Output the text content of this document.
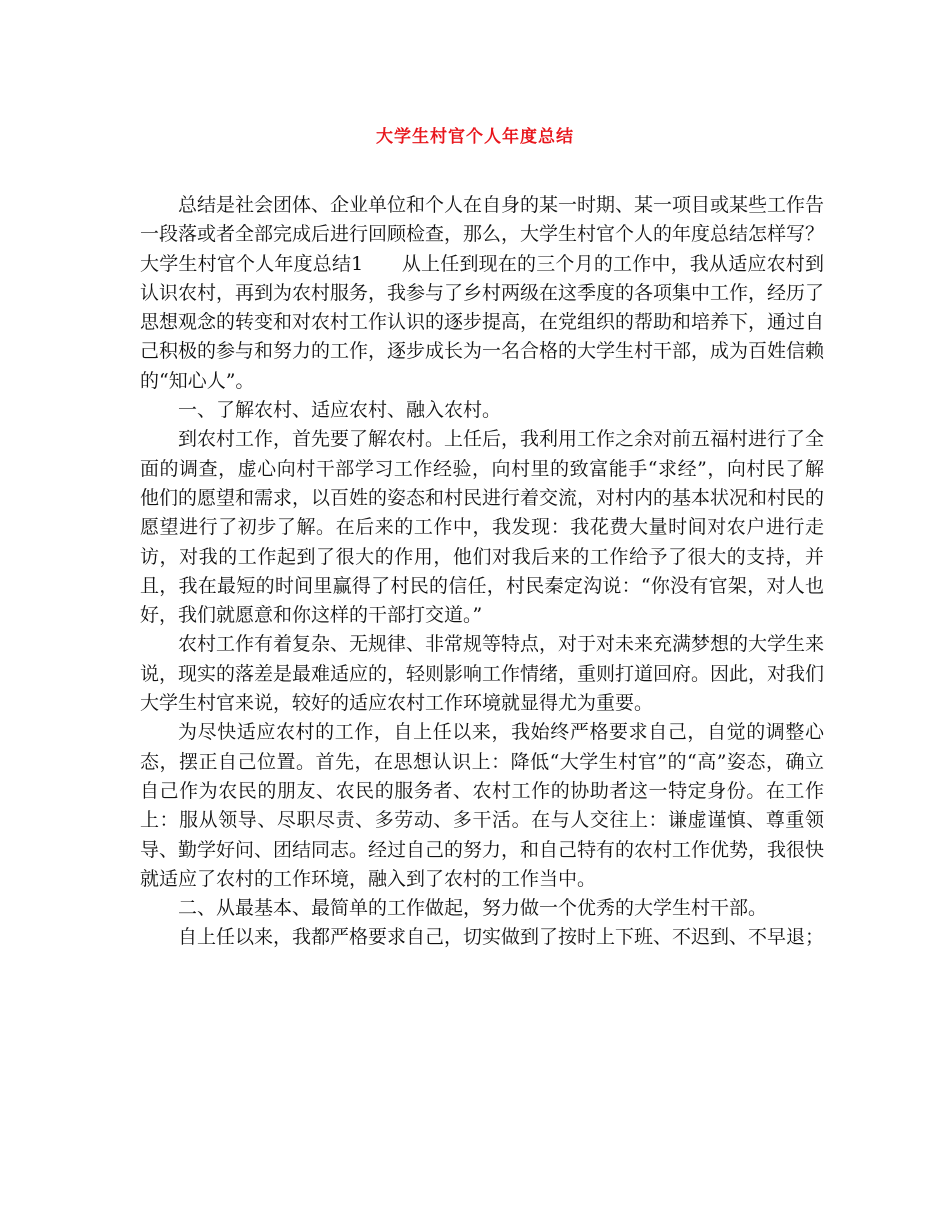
大学生村官个人年度总结

总结是社会团体、企业单位和个人在自身的某一时期、某一项目或某些工作告一段落或者全部完成后进行回顾检查，那么，大学生村官个人的年度总结怎样写？

大学生村官个人年度总结1　　从上任到现在的三个月的工作中，我从适应农村到认识农村，再到为农村服务，我参与了乡村两级在这季度的各项集中工作，经历了思想观念的转变和对农村工作认识的逐步提高，在党组织的帮助和培养下，通过自己积极的参与和努力的工作，逐步成长为一名合格的大学生村干部，成为百姓信赖的“知心人”。

一、了解农村、适应农村、融入农村。

到农村工作，首先要了解农村。上任后，我利用工作之余对前五福村进行了全面的调查，虚心向村干部学习工作经验，向村里的致富能手“求经”，向村民了解他们的愿望和需求，以百姓的姿态和村民进行着交流，对村内的基本状况和村民的愿望进行了初步了解。在后来的工作中，我发现：我花费大量时间对农户进行走访，对我的工作起到了很大的作用，他们对我后来的工作给予了很大的支持，并且，我在最短的时间里赢得了村民的信任，村民秦定沟说：“你没有官架，对人也好，我们就愿意和你这样的干部打交道。”

农村工作有着复杂、无规律、非常规等特点，对于对未来充满梦想的大学生来说，现实的落差是最难适应的，轻则影响工作情绪，重则打道回府。因此，对我们大学生村官来说，较好的适应农村工作环境就显得尤为重要。

为尽快适应农村的工作，自上任以来，我始终严格要求自己，自觉的调整心态，摆正自己位置。首先，在思想认识上：降低“大学生村官”的“高”姿态，确立自己作为农民的朋友、农民的服务者、农村工作的协助者这一特定身份。在工作上：服从领导、尽职尽责、多劳动、多干活。在与人交往上：谦虚谨慎、尊重领导、勤学好问、团结同志。经过自己的努力，和自己特有的农村工作优势，我很快就适应了农村的工作环境，融入到了农村的工作当中。

二、从最基本、最简单的工作做起，努力做一个优秀的大学生村干部。

自上任以来，我都严格要求自己，切实做到了按时上下班、不迟到、不早退；
